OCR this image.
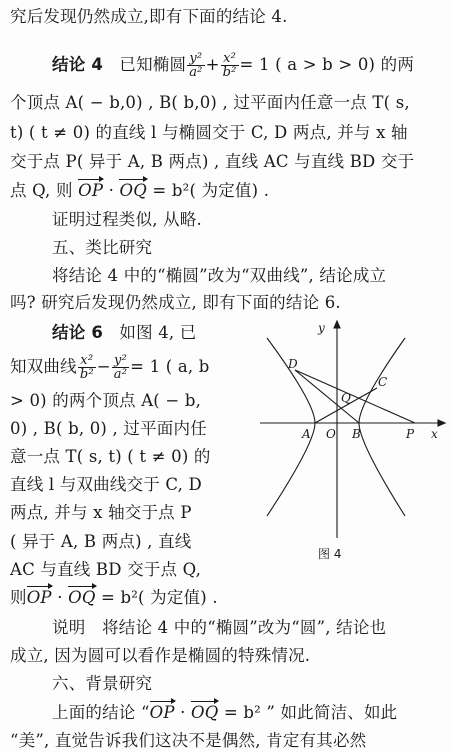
究后发现仍然成立,即有下面的结论 4.
结论 4 已知椭圆 $\frac{\text{y²}}{\text{a²}} + \frac{\text{x²}}{\text{b²}} = 1$ ( a > b > 0) 的两
个顶点 A( − b,0) , B( b,0) , 过平面内任意一点 T( s,
t) ( t ≠ 0) 的直线 l 与椭圆交于 C, D 两点, 并与 x 轴
交于点 P( 异于 A, B 两点) , 直线 AC 与直线 BD 交于
点 Q, 则 OP · OQ = b²( 为定值) .
证明过程类似, 从略.
五、类比研究
将结论 4 中的“椭圆”改为“双曲线”, 结论成立
吗? 研究后发现仍然成立, 即有下面的结论 6.
结论 6 如图 4, 已
知双曲线 $\frac{\text{x²}}{\text{b²}} - \frac{\text{y²}}{\text{a²}} = 1$ ( a, b
> 0) 的两个顶点 A( − b,
0) , B( b, 0) , 过平面内任
意一点 T( s, t) ( t ≠ 0) 的
直线 l 与双曲线交于 C, D
两点, 并与 x 轴交于点 P
( 异于 A, B 两点) , 直线
AC 与直线 BD 交于点 Q,
则OP · OQ = b²( 为定值) .
说明　将结论 4 中的“椭圆”改为“圆”, 结论也
成立, 因为圆可以看作是椭圆的特殊情况.
六、背景研究
上面的结论 “OP · OQ = b² ” 如此简洁、如此
“美”, 直觉告诉我们这决不是偶然, 肯定有其必然
y
x
O
A	B
C
D
P
Q
图 4
